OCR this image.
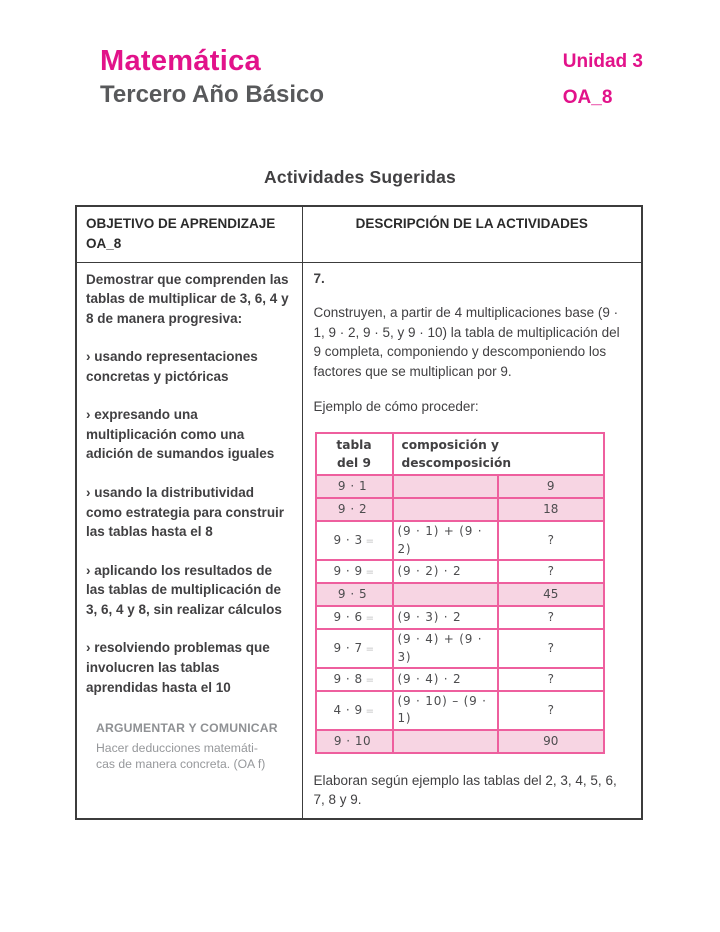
Matemática
Tercero Año Básico
Unidad 3
OA_8
Actividades Sugeridas
OBJETIVO DE APRENDIZAJE OA_8	DESCRIPCIÓN DE LA ACTIVIDADES

Demostrar que comprenden las tablas de multiplicar de 3, 6, 4 y 8 de manera progresiva:

› usando representaciones concretas y pictóricas

› expresando una multiplicación como una adición de sumandos iguales

› usando la distributividad como estrategia para construir las tablas hasta el 8

› aplicando los resultados de las tablas de multiplicación de 3, 6, 4 y 8, sin realizar cálculos

› resolviendo problemas que involucren las tablas aprendidas hasta el 10

ARGUMENTAR Y COMUNICAR
Hacer deducciones matemáti-
cas de manera concreta. (OA f)

7.

Construyen, a partir de 4 multiplicaciones base (9 · 1, 9 · 2, 9 · 5, y 9 · 10) la tabla de multiplicación del 9 completa, componiendo y descomponiendo los factores que se multiplican por 9.

Ejemplo de cómo proceder:

tabla del 9	composición y descomposición
9 · 1		9
9 · 2		18
9 · 3 =	(9 · 1) + (9 · 2)	?
9 · 9 =	(9 · 2) · 2	?
9 · 5		45
9 · 6 =	(9 · 3) · 2	?
9 · 7 =	(9 · 4) + (9 · 3)	?
9 · 8 =	(9 · 4) · 2	?
4 · 9 =	(9 · 10) – (9 · 1)	?
9 · 10		90

Elaboran según ejemplo las tablas del 2, 3, 4, 5, 6, 7, 8 y 9.
